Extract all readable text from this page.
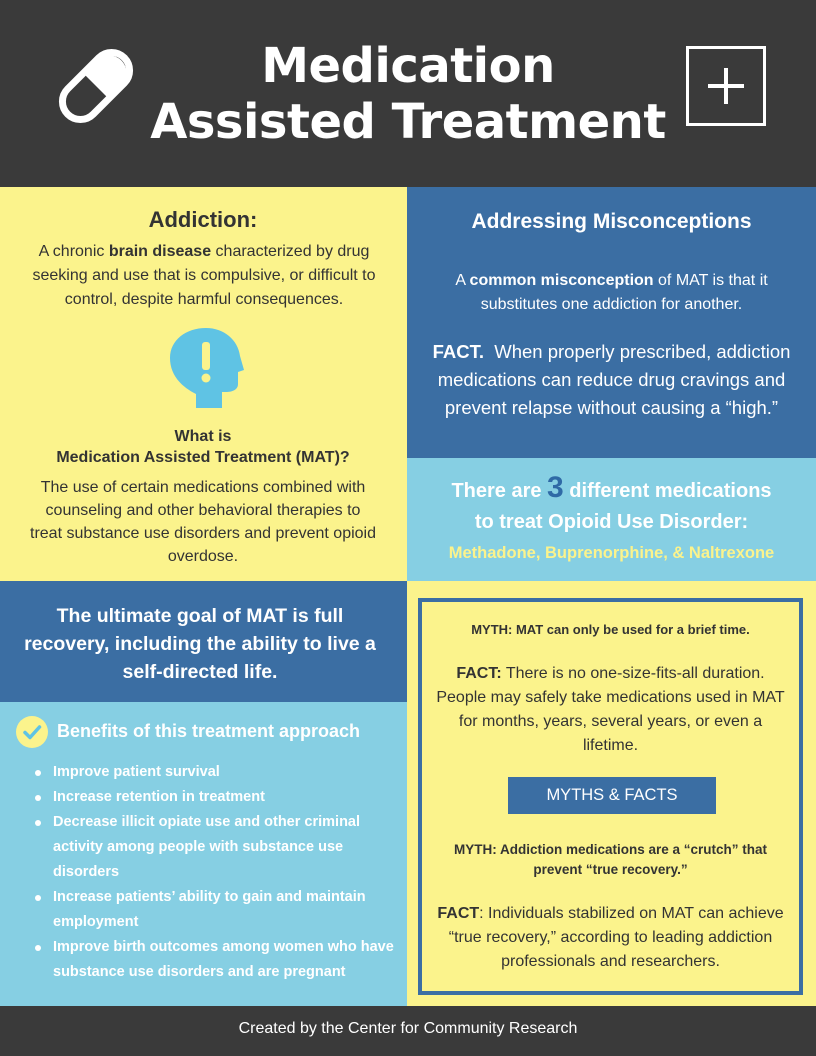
Medication
Assisted Treatment
Addiction:
A chronic brain disease characterized by drug seeking and use that is compulsive, or difficult to control, despite harmful consequences.
What is
Medication Assisted Treatment (MAT)?
The use of certain medications combined with counseling and other behavioral therapies to treat substance use disorders and prevent opioid overdose.
Addressing Misconceptions
A common misconception of MAT is that it substitutes one addiction for another.
FACT.  When properly prescribed, addiction medications can reduce drug cravings and prevent relapse without causing a “high.”
There are 3 different medications
to treat Opioid Use Disorder:
Methadone, Buprenorphine, & Naltrexone
The ultimate goal of MAT is full recovery, including the ability to live a self-directed life.
Benefits of this treatment approach
Improve patient survival
Increase retention in treatment
Decrease illicit opiate use and other criminal activity among people with substance use disorders
Increase patients’ ability to gain and maintain employment
Improve birth outcomes among women who have substance use disorders and are pregnant
MYTH: MAT can only be used for a brief time.
FACT: There is no one-size-fits-all duration. People may safely take medications used in MAT for months, years, several years, or even a lifetime.
MYTHS & FACTS
MYTH: Addiction medications are a “crutch” that prevent “true recovery.”
FACT: Individuals stabilized on MAT can achieve “true recovery,” according to leading addiction professionals and researchers.
Created by the Center for Community Research
